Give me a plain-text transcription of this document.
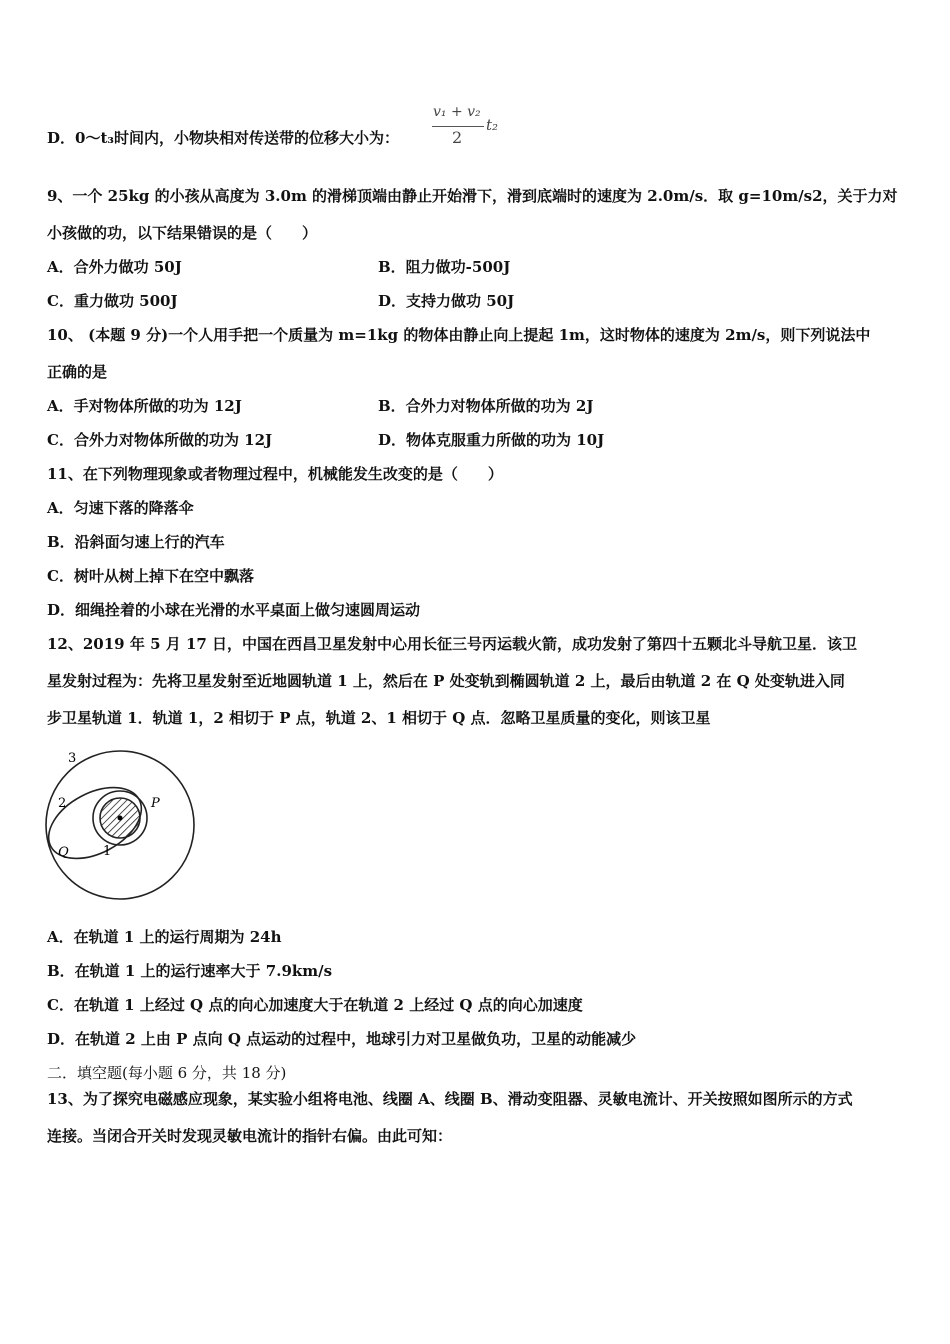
D．0～t₃时间内，小物块相对传送带的位移大小为：
v₁ + v₂
2
t₂
9、一个 25kg 的小孩从高度为 3.0m 的滑梯顶端由静止开始滑下，滑到底端时的速度为 2.0m/s．取 g=10m/s2，关于力对
小孩做的功，以下结果错误的是（　　）
A．合外力做功 50J	B．阻力做功-500J
C．重力做功 500J	D．支持力做功 50J
10、 (本题 9 分)一个人用手把一个质量为 m=1kg 的物体由静止向上提起 1m，这时物体的速度为 2m/s，则下列说法中
正确的是
A．手对物体所做的功为 12J	B．合外力对物体所做的功为 2J
C．合外力对物体所做的功为 12J	D．物体克服重力所做的功为 10J
11、在下列物理现象或者物理过程中，机械能发生改变的是（　　）
A．匀速下落的降落伞
B．沿斜面匀速上行的汽车
C．树叶从树上掉下在空中飘落
D．细绳拴着的小球在光滑的水平桌面上做匀速圆周运动
12、2019 年 5 月 17 日，中国在西昌卫星发射中心用长征三号丙运载火箭，成功发射了第四十五颗北斗导航卫星．该卫
星发射过程为：先将卫星发射至近地圆轨道 1 上，然后在 P 处变轨到椭圆轨道 2 上，最后由轨道 2 在 Q 处变轨进入同
步卫星轨道 1．轨道 1，2 相切于 P 点，轨道 2、1 相切于 Q 点．忽略卫星质量的变化，则该卫星
3
2
1
P
Q
A．在轨道 1 上的运行周期为 24h
B．在轨道 1 上的运行速率大于 7.9km/s
C．在轨道 1 上经过 Q 点的向心加速度大于在轨道 2 上经过 Q 点的向心加速度
D．在轨道 2 上由 P 点向 Q 点运动的过程中，地球引力对卫星做负功，卫星的动能减少
二．填空题(每小题 6 分，共 18 分)
13、为了探究电磁感应现象，某实验小组将电池、线圈 A、线圈 B、滑动变阻器、灵敏电流计、开关按照如图所示的方式
连接。当闭合开关时发现灵敏电流计的指针右偏。由此可知：
